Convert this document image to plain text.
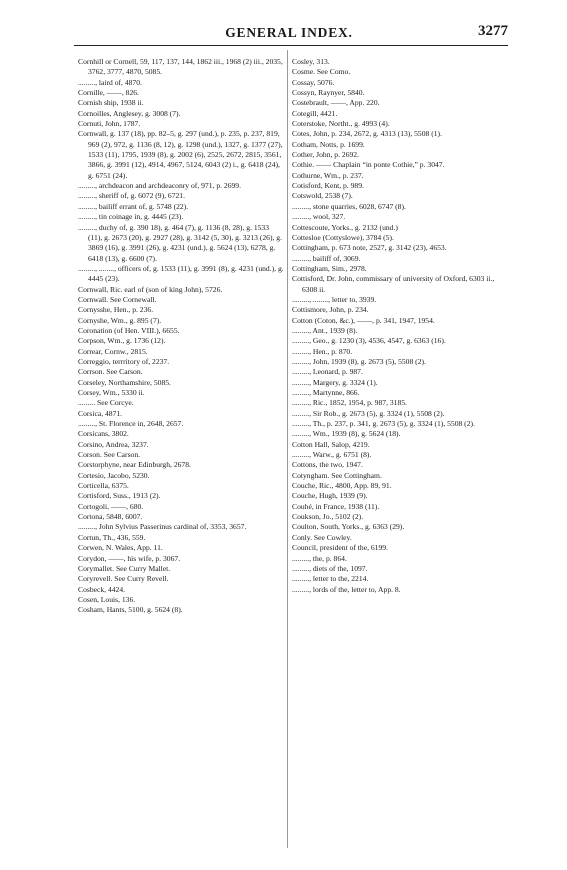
GENERAL INDEX.	3277
Cornhill or Cornell, 59, 117, 137, 144, 1862 iii., 1968 (2) iii., 2035, 3762, 3777, 4870, 5085.
........., laird of, 4870.
Cornille, ——, 826.
Cornish ship, 1938 ii.
Cornoilles, Anglesey, g. 3008 (7).
Cornuti, John, 1787.
Cornwall, g. 137 (18), pp. 82–5, g. 297 (und.), p. 235, p. 237, 819, 969 (2), 972, g. 1136 (8, 12), g. 1298 (und.), 1327, g. 1377 (27), 1533 (11), 1795, 1939 (8), g. 2002 (6), 2525, 2672, 2815, 3561, 3866, g. 3991 (12), 4914, 4967, 5124, 6043 (2) i., g. 6418 (24), g. 6751 (24).
........., archdeacon and archdeaconry of, 971, p. 2699.
........., sheriff of, g. 6072 (9), 6721.
........., bailiff errant of, g. 5748 (22).
........., tin coinage in, g. 4445 (23).
........., duchy of, g. 390 18), g. 464 (7), g. 1136 (8, 28), g. 1533 (11), g. 2673 (20), g. 2927 (28), g. 3142 (5, 30), g. 3213 (26), g. 3869 (16), g. 3991 (26), g. 4231 (und.), g. 5624 (13), 6278, g. 6418 (13), g. 6600 (7).
........., ........, officers of, g. 1533 (11), g. 3991 (8), g. 4231 (und.), g. 4445 (23).
Cornwall, Ric. earl of (son of king John), 5726.
Cornwall. See Cornewall.
Cornysshe, Hen., p. 236.
Cornyshe, Wm., g. 895 (7).
Coronation (of Hen. VIII.), 6655.
Corpson, Wm., g. 1736 (12).
Correar, Cornw., 2815.
Correggio, terrritory of, 2237.
Corrson. See Carson.
Corseley, Northamshire, 5085.
Corsey, Wm., 5330 ii.
......... See Corcye.
Corsica, 4871.
........., St. Florence in, 2648, 2657.
Corsicans, 3802.
Corsino, Andrea, 3237.
Corson. See Carson.
Corstorphyne, near Edinburgh, 2678.
Cortesio, Jacobo, 5230.
Corticella, 6375.
Cortisford, Suss., 1913 (2).
Cortogoli, ——, 680.
Cortona, 5848, 6007.
........., John Sylvius Passerinus cardinal of, 3353, 3657.
Cortun, Th., 436, 559.
Corwen, N. Wales, App. 11.
Corydon, ——, his wife, p. 3067.
Corymallet. See Curry Mallet.
Coryrevell. See Curry Revell.
Cosbeck, 4424.
Cosen, Louis, 136.
Cosham, Hants, 5100, g. 5624 (8).
Cosley, 313.
Cosme. See Como.
Cossay, 5076.
Cossyn, Raynyer, 5840.
Costebrault, ——, App. 220.
Cotegill, 4421.
Coterstoke, Northt., g. 4993 (4).
Cotes, John, p. 234, 2672, g. 4313 (13), 5508 (1).
Cotham, Notts, p. 1699.
Cother, John, p. 2692.
Cothie. —— Chaplain “in ponte Cothie,” p. 3047.
Cothurne, Wm., p. 237.
Cotisford, Kent, p. 989.
Cotswold, 2538 (7).
........., stone quarries, 6028, 6747 (8).
........., wool, 327.
Cottescoute, Yorks., g. 2132 (und.)
Cottesloe (Cottyslowe), 3784 (5).
Cottingham, p. 673 note, 2527, g. 3142 (23), 4653.
........., bailiff of, 3069.
Cottingham, Sim., 2978.
Cottisford, Dr. John, commissary of university of Oxford, 6303 ii., 6308 ii.
........., ........, letter to, 3939.
Cottismore, John, p. 234.
Cotton (Coton, &c.), ——, p. 341, 1947, 1954.
........., Ant., 1939 (8).
........., Geo., g. 1230 (3), 4536, 4547, g. 6363 (16).
........., Hen., p. 870.
........., John, 1939 (8), g. 2673 (5), 5508 (2).
........., Leonard, p. 987.
........., Margery, g. 3324 (1).
........., Martynne, 866.
........., Ric., 1852, 1954, p. 987, 3185.
........., Sir Rob., g. 2673 (5), g. 3324 (1), 5508 (2).
........., Th., p. 237, p. 341, g. 2673 (5), g. 3324 (1), 5508 (2).
........., Wm., 1939 (8), g. 5624 (18).
Cotton Hall, Salop, 4219.
........., Warw., g. 6751 (8).
Cottons, the two, 1947.
Cotyngham. See Cottingham.
Couche, Ric., 4800, App. 89, 91.
Couche, Hugh, 1939 (9).
Couhé, in France, 1938 (11).
Coukson, Jo., 5102 (2).
Coulton, South, Yorks., g. 6363 (29).
Conly. See Cowley.
Council, president of the, 6199.
........., the, p. 864.
........., diets of the, 1097.
........., letter to the, 2214.
........., lords of the, letter to, App. 8.
